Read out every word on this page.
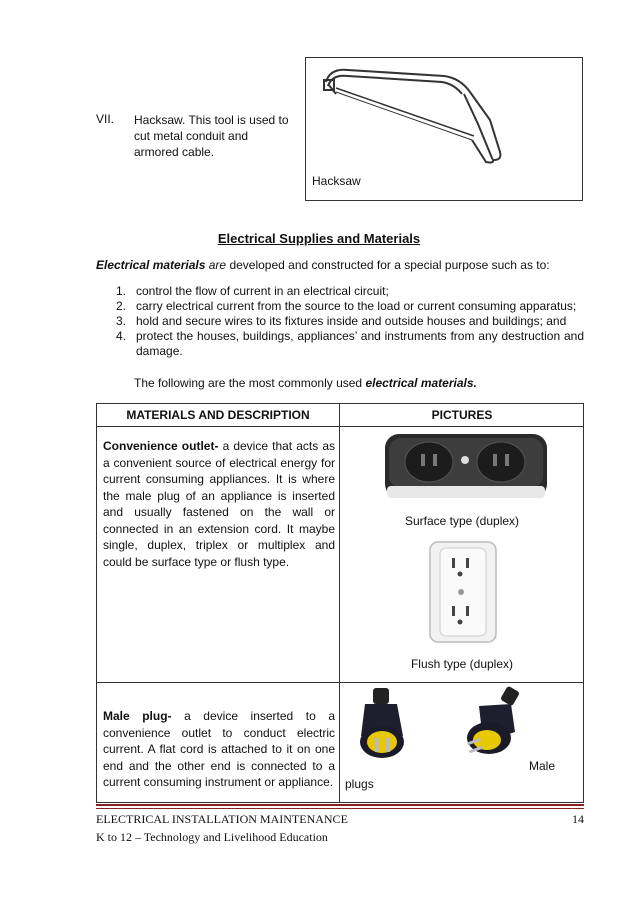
VII. Hacksaw. This tool is used to cut metal conduit and armored cable.
Hacksaw
Electrical Supplies and Materials
Electrical materials are developed and constructed for a special purpose such as to:
1. control the flow of current in an electrical circuit;
2. carry electrical current from the source to the load or current consuming apparatus;
3. hold and secure wires to its fixtures inside and outside houses and buildings; and
4. protect the houses, buildings, appliances’ and instruments from any destruction and damage.
The following are the most commonly used electrical materials.
MATERIALS AND DESCRIPTION	PICTURES
Convenience outlet- a device that acts as a convenient source of electrical energy for current consuming appliances. It is where the male plug of an appliance is inserted and usually fastened on the wall or connected in an extension cord. It maybe single, duplex, triplex or multiplex and could be surface type or flush type.
Surface type (duplex)
Flush type (duplex)
Male plug- a device inserted to a convenience outlet to conduct electric current. A flat cord is attached to it on one end and the other end is connected to a current consuming instrument or appliance.
Male
plugs
ELECTRICAL INSTALLATION MAINTENANCE
K to 12 – Technology and Livelihood Education
14
